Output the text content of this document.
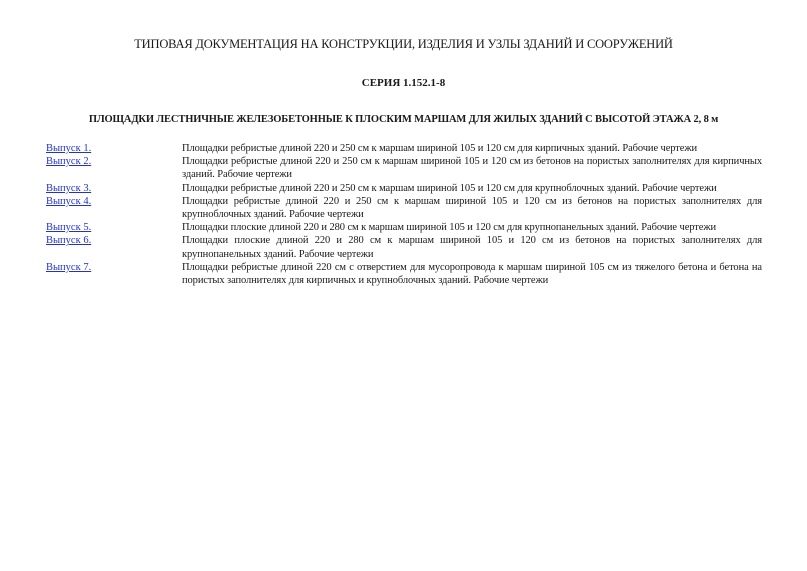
ТИПОВАЯ ДОКУМЕНТАЦИЯ НА КОНСТРУКЦИИ, ИЗДЕЛИЯ И УЗЛЫ ЗДАНИЙ И СООРУЖЕНИЙ
СЕРИЯ 1.152.1-8
ПЛОЩАДКИ ЛЕСТНИЧНЫЕ ЖЕЛЕЗОБЕТОННЫЕ К ПЛОСКИМ МАРШАМ ДЛЯ ЖИЛЫХ ЗДАНИЙ С ВЫСОТОЙ ЭТАЖА 2, 8 м
Выпуск 1.	Площадки ребристые длиной 220 и 250 см к маршам шириной 105 и 120 см для кирпичных зданий. Рабочие чертежи
Выпуск 2.	Площадки ребристые длиной 220 и 250 см к маршам шириной 105 и 120 см из бетонов на пористых заполнителях для кирпичных зданий. Рабочие чертежи
Выпуск 3.	Площадки ребристые длиной 220 и 250 см к маршам шириной 105 и 120 см для крупноблочных зданий. Рабочие чертежи
Выпуск 4.	Площадки ребристые длиной 220 и 250 см к маршам шириной 105 и 120 см из бетонов на пористых заполнителях для крупноблочных зданий. Рабочие чертежи
Выпуск 5.	Площадки плоские длиной 220 и 280 см к маршам шириной 105 и 120 см для крупнопанельных зданий. Рабочие чертежи
Выпуск 6.	Площадки плоские длиной 220 и 280 см к маршам шириной 105 и 120 см из бетонов на пористых заполнителях для крупнопанельных зданий. Рабочие чертежи
Выпуск 7.	Площадки ребристые длиной 220 см с отверстием для мусоропровода к маршам шириной 105 см из тяжелого бетона и бетона на пористых заполнителях для кирпичных и крупноблочных зданий. Рабочие чертежи
